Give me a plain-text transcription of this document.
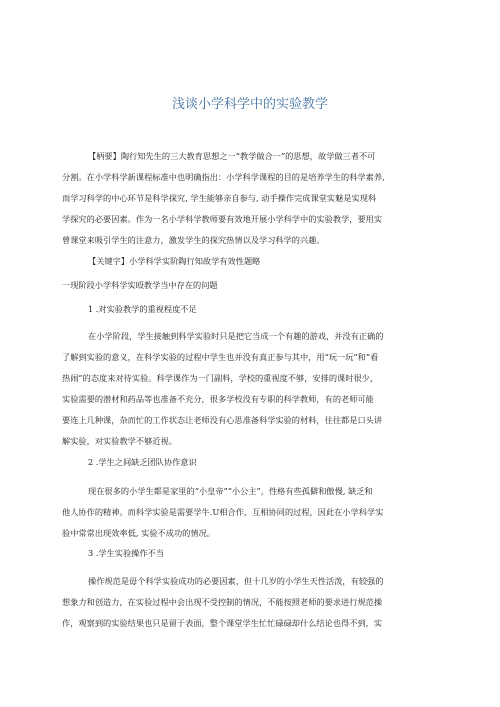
浅谈小学科学中的实验教学
【柄要】陶行知先生的三大教育思想之一“教学做合一”的思想，故学做三者不可
分割。在小学科学新课程标准中也明确指出：小学科学课程的目的是培养学生的科学素养,
而学习科学的中心环节是科学探究, 学生能够亲自参与, 动手操作完成课堂实魅是实现科
学探究的必要因素。作为一名小学科学教师要有效地开展小学科学中的实验教学，要用实
曾课堂来吸引学生的注意力，激发学生的探究热情以及学习科学的兴趣。
【关键字】小学科学实阶陶行知故学有效性题略
一现阶段小学科学实殴教学当中存在的问题
1 .对实验教学的重视程度不足
在小学阶段，学生接触到科学实验时只是把它当成一个有趣的游戏，并没有正确的
了解到实验的意义，在科学实验的过程中学生也并没有真正参与其中，用“玩一玩”和“看
热闹”的态度来对待实验。科学课作为一门副科，学校的重视度不够，安排的课时很少，
实验需要的潜材和药品等也准备不充分，很多学校没有专职的科学教师，有的老师可能
要连上几种课，杂而忙的工作状态让老师没有心思准备科学实验的材料，往往都是口头讲
解实验，对实验教学不够近视。
2 .学生之间缺乏团队协作意识
现在很多的小学生都是家里的“小皇帝”“小公主”，性格有些孤僻和傲慢, 缺乏和
他人协作的精神。而科学实验是需要学牛.U相合作，互相协同的过程，因此在小学科学实
验中常常出现效率低, 实验不成功的情况。
3 .学生实验操作不当
操作规范是毋个科学实验成功的必要因素，但十几岁的小学生天性活泼，有较强的
想象力和创造力，在实验过程中会出现不受控制的情况，不能按照老师的要求进行规范操
作，观察到的实验结果也只是留于表面，整个课堂学生忙忙碌碌却什么结论也得不到，实
